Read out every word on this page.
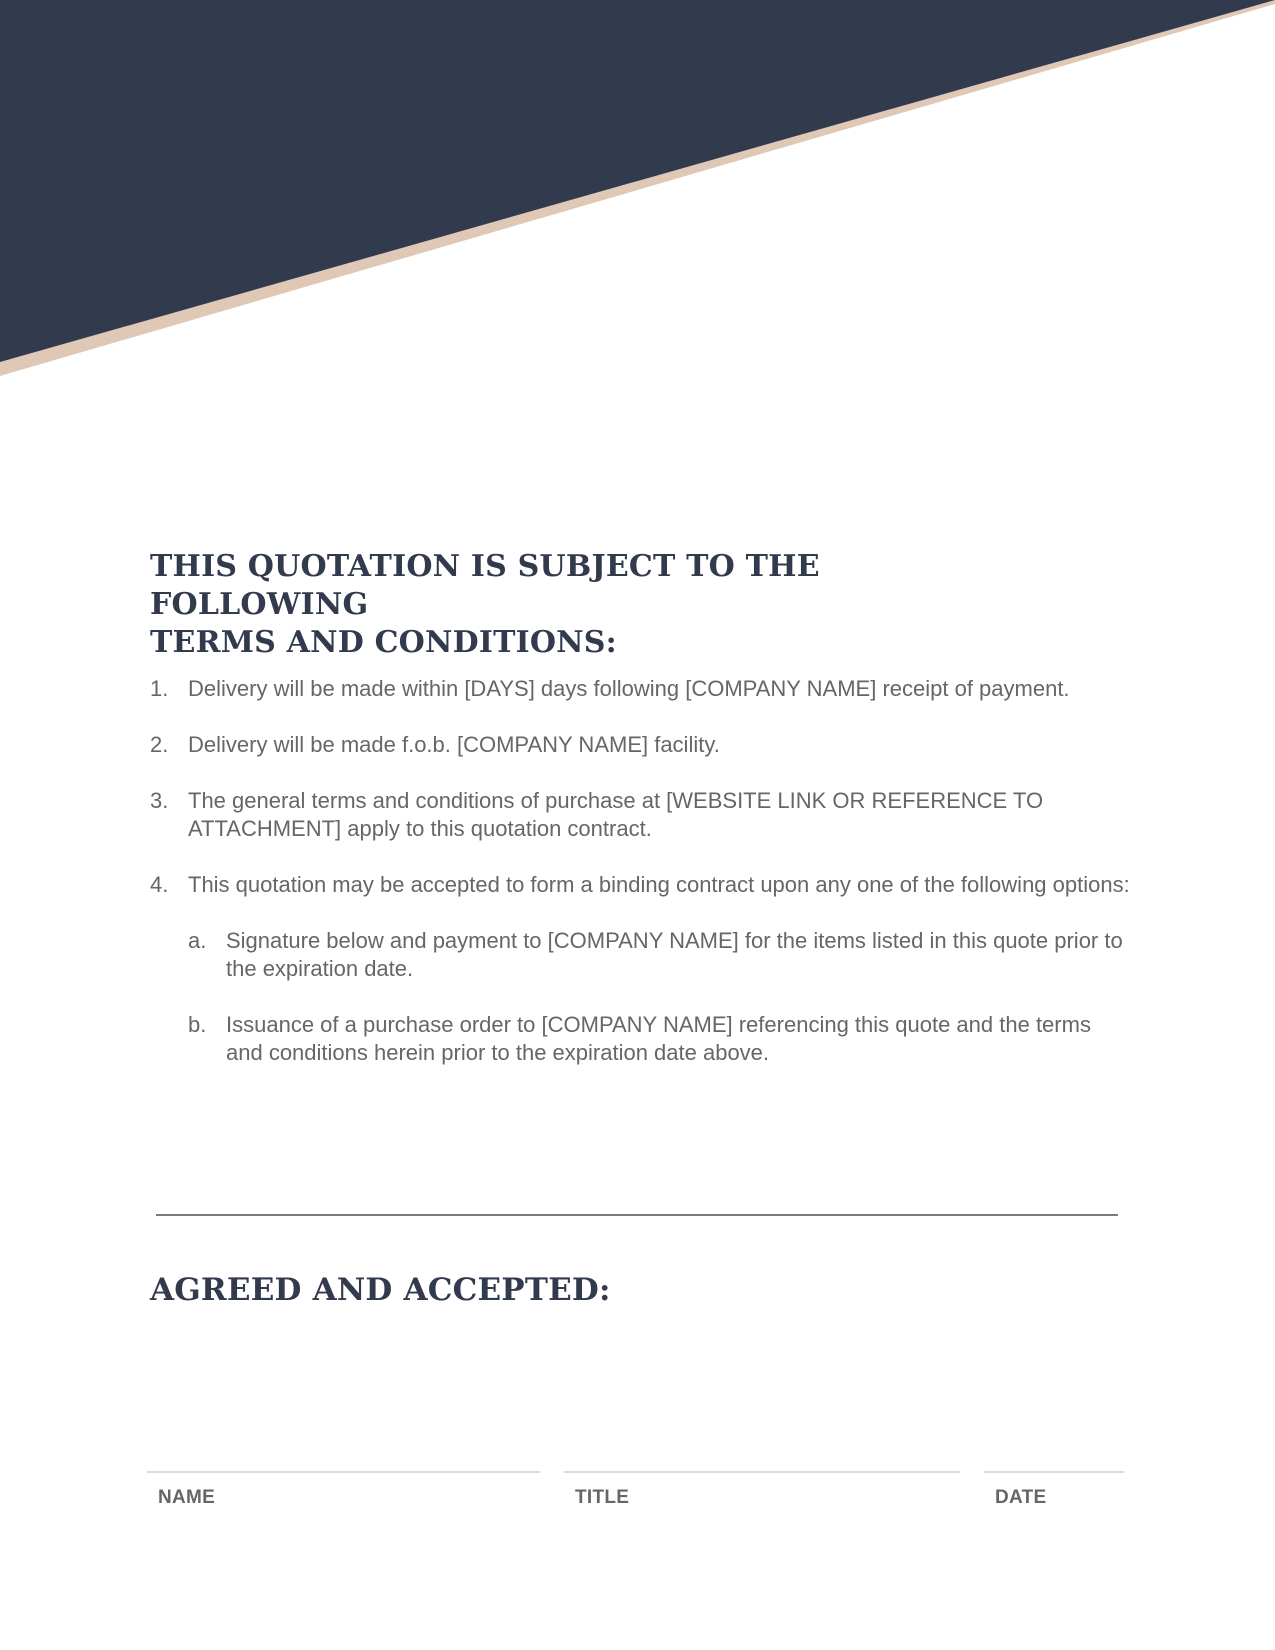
THIS QUOTATION IS SUBJECT TO THE FOLLOWING
TERMS AND CONDITIONS:
1. Delivery will be made within [DAYS] days following [COMPANY NAME] receipt of payment.
2. Delivery will be made f.o.b. [COMPANY NAME] facility.
3. The general terms and conditions of purchase at [WEBSITE LINK OR REFERENCE TO ATTACHMENT] apply to this quotation contract.
4. This quotation may be accepted to form a binding contract upon any one of the following options:
a. Signature below and payment to [COMPANY NAME] for the items listed in this quote prior to the expiration date.
b. Issuance of a purchase order to [COMPANY NAME] referencing this quote and the terms and conditions herein prior to the expiration date above.
AGREED AND ACCEPTED:
NAME	TITLE	DATE
